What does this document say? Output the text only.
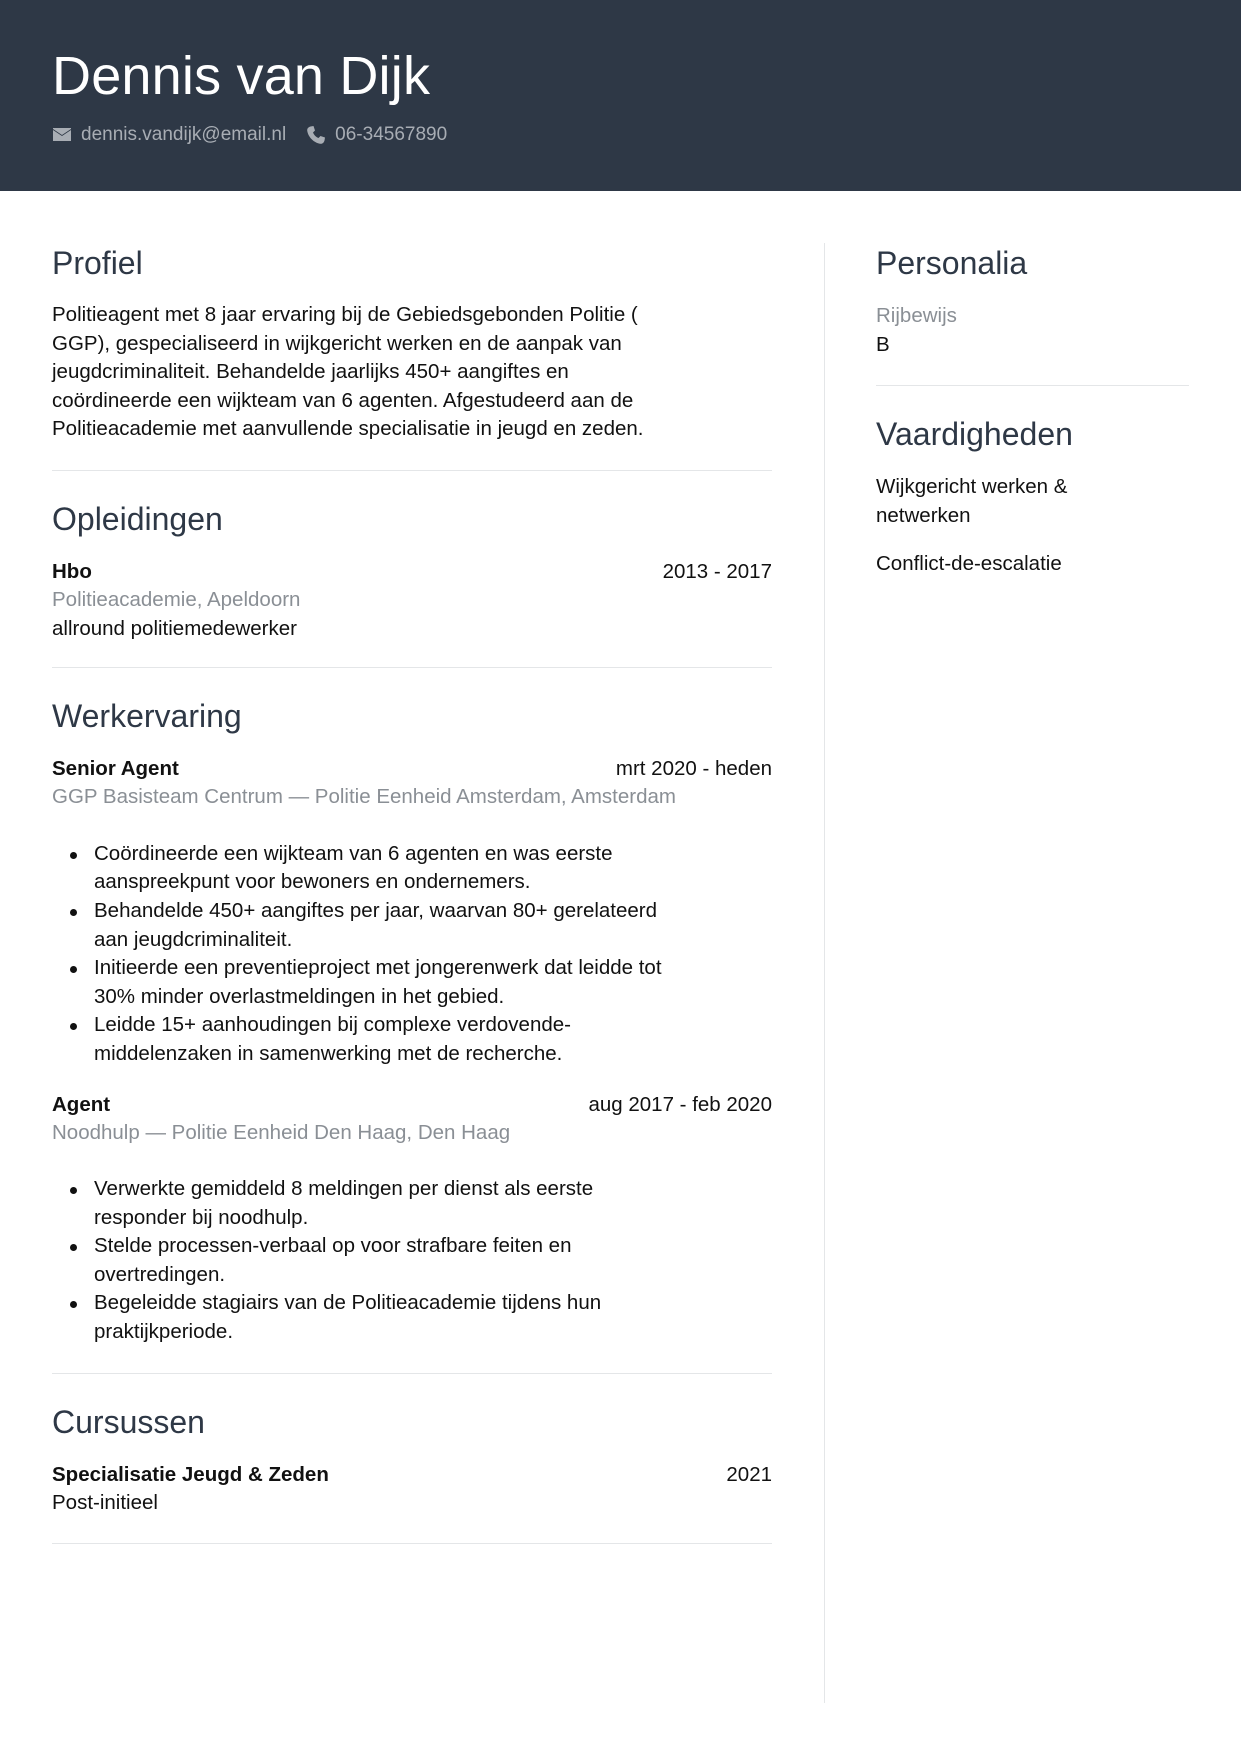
Dennis van Dijk
dennis.vandijk@email.nl	06-34567890
Profiel
Politieagent met 8 jaar ervaring bij de Gebiedsgebonden Politie (
GGP), gespecialiseerd in wijkgericht werken en de aanpak van
jeugdcriminaliteit. Behandelde jaarlijks 450+ aangiftes en
coördineerde een wijkteam van 6 agenten. Afgestudeerd aan de
Politieacademie met aanvullende specialisatie in jeugd en zeden.
Opleidingen
Hbo	2013 - 2017
Politieacademie, Apeldoorn
allround politiemedewerker
Werkervaring
Senior Agent	mrt 2020 - heden
GGP Basisteam Centrum — Politie Eenheid Amsterdam, Amsterdam
Coördineerde een wijkteam van 6 agenten en was eerste
aanspreekpunt voor bewoners en ondernemers.
Behandelde 450+ aangiftes per jaar, waarvan 80+ gerelateerd
aan jeugdcriminaliteit.
Initieerde een preventieproject met jongerenwerk dat leidde tot
30% minder overlastmeldingen in het gebied.
Leidde 15+ aanhoudingen bij complexe verdovende-
middelenzaken in samenwerking met de recherche.
Agent	aug 2017 - feb 2020
Noodhulp — Politie Eenheid Den Haag, Den Haag
Verwerkte gemiddeld 8 meldingen per dienst als eerste
responder bij noodhulp.
Stelde processen-verbaal op voor strafbare feiten en
overtredingen.
Begeleidde stagiairs van de Politieacademie tijdens hun
praktijkperiode.
Cursussen
Specialisatie Jeugd & Zeden	2021
Post-initieel
Personalia
Rijbewijs
B
Vaardigheden
Wijkgericht werken &
netwerken
Conflict-de-escalatie
